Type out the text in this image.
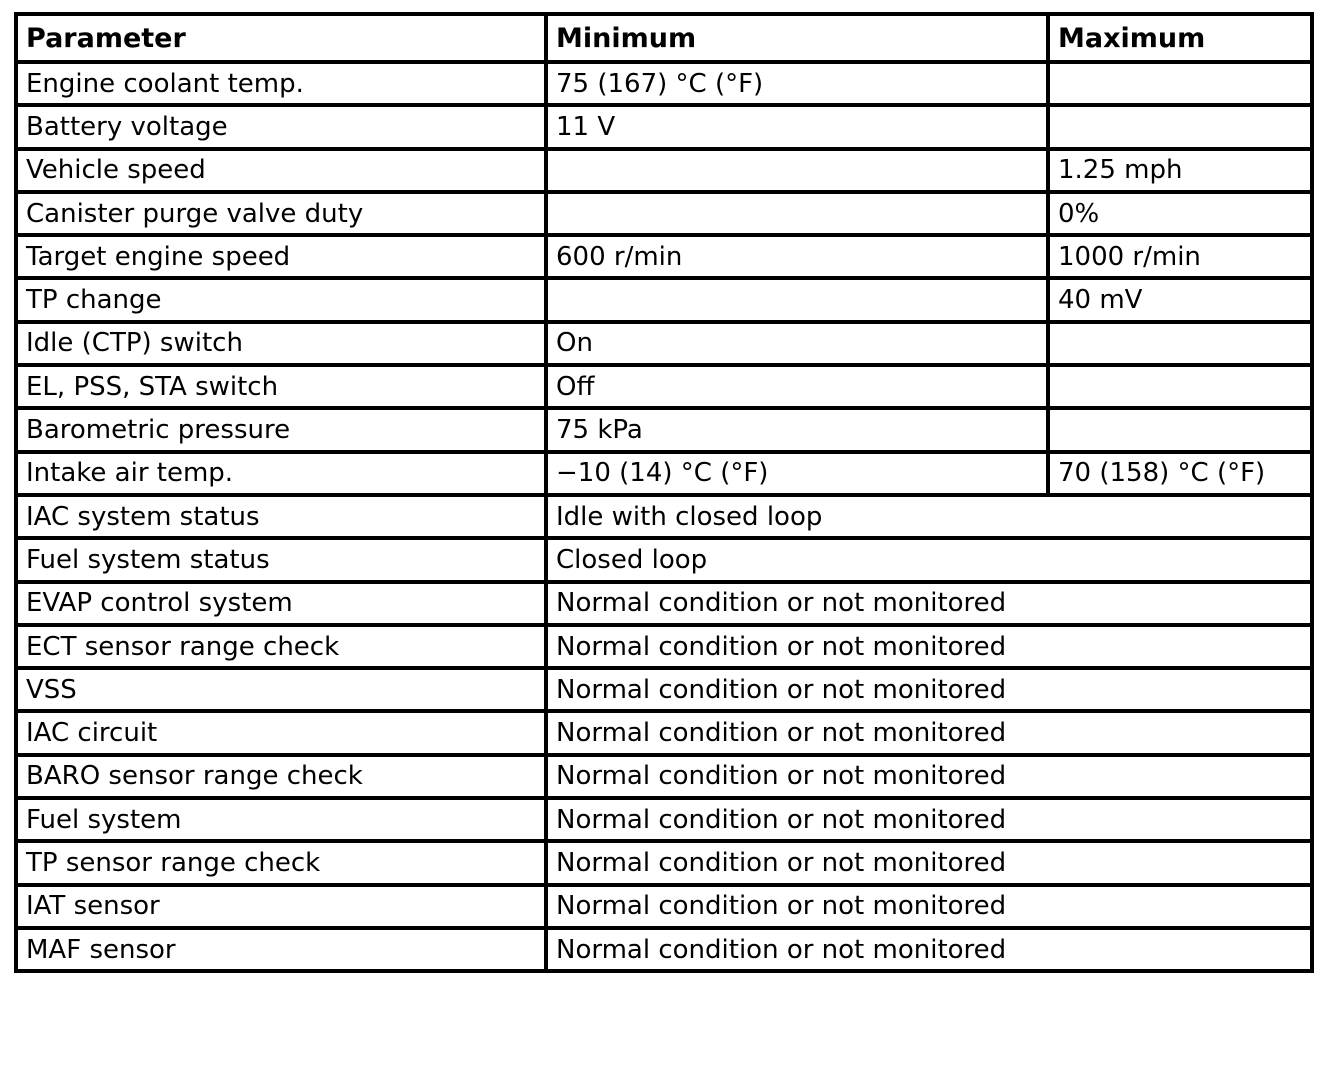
Parameter	Minimum	Maximum
Engine coolant temp.	75 (167) °C (°F)	
Battery voltage	11 V	
Vehicle speed		1.25 mph
Canister purge valve duty		0%
Target engine speed	600 r/min	1000 r/min
TP change		40 mV
Idle (CTP) switch	On	
EL, PSS, STA switch	Off	
Barometric pressure	75 kPa	
Intake air temp.	−10 (14) °C (°F)	70 (158) °C (°F)
IAC system status	Idle with closed loop	
Fuel system status	Closed loop	
EVAP control system	Normal condition or not monitored	
ECT sensor range check	Normal condition or not monitored	
VSS	Normal condition or not monitored	
IAC circuit	Normal condition or not monitored	
BARO sensor range check	Normal condition or not monitored	
Fuel system	Normal condition or not monitored	
TP sensor range check	Normal condition or not monitored	
IAT sensor	Normal condition or not monitored	
MAF sensor	Normal condition or not monitored	
